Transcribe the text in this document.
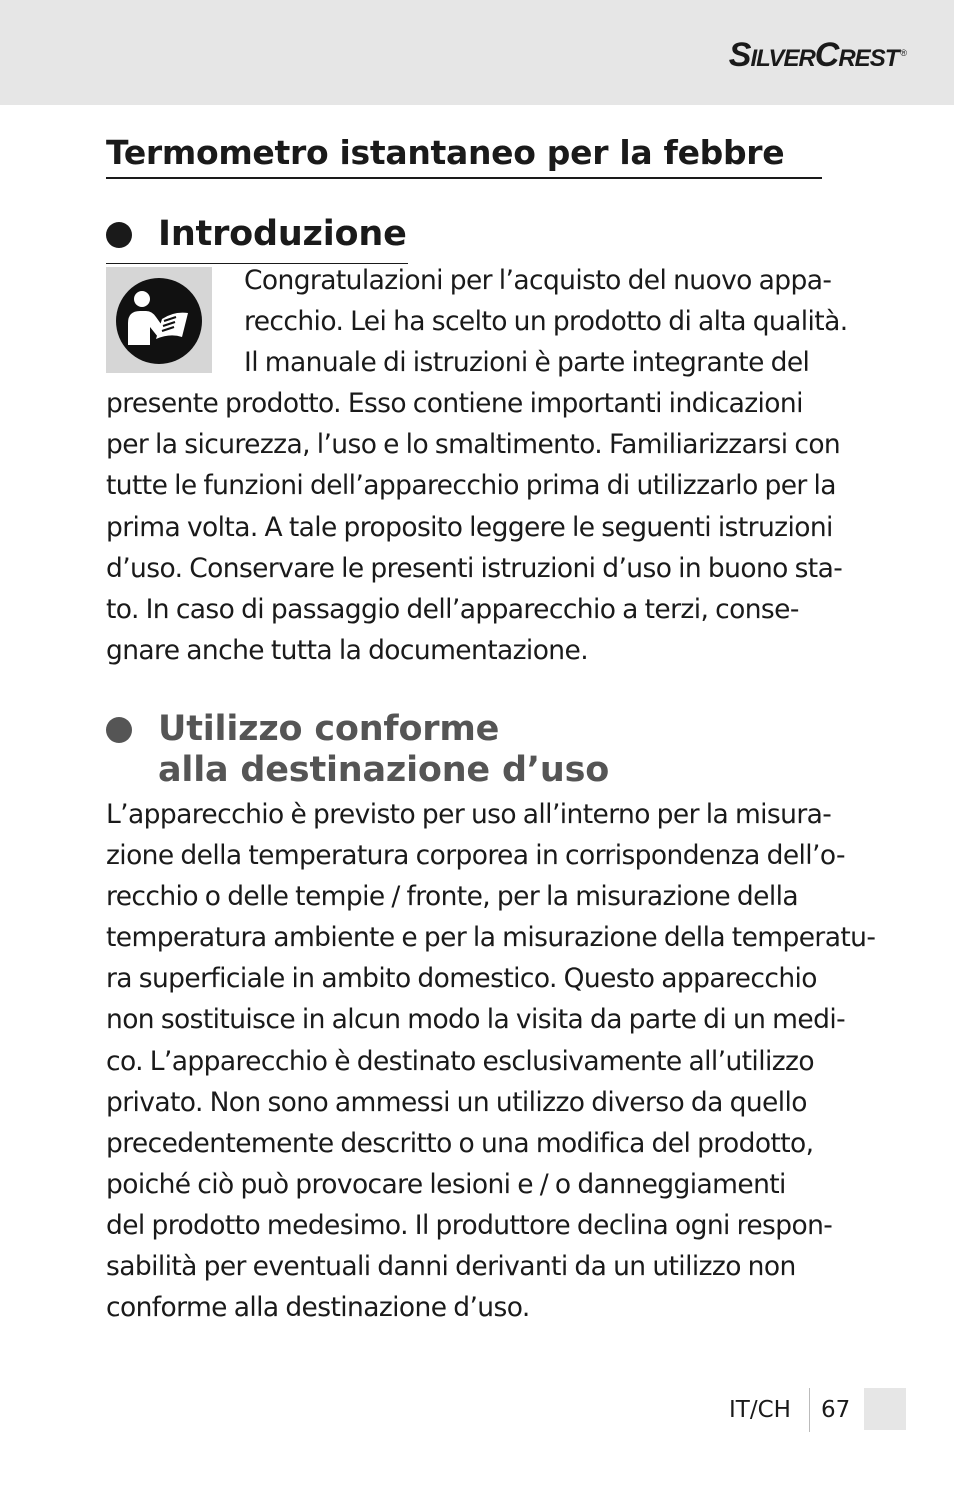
SilverCrest ®
Termometro istantaneo per la febbre
Introduzione
Congratulazioni per l’acquisto del nuovo appa-
recchio. Lei ha scelto un prodotto di alta qualità.
Il manuale di istruzioni è parte integrante del
presente prodotto. Esso contiene importanti indicazioni
per la sicurezza, l’uso e lo smaltimento. Familiarizzarsi con
tutte le funzioni dell’apparecchio prima di utilizzarlo per la
prima volta. A tale proposito leggere le seguenti istruzioni
d’uso. Conservare le presenti istruzioni d’uso in buono sta-
to. In caso di passaggio dell’apparecchio a terzi, conse-
gnare anche tutta la documentazione.
Utilizzo conforme
alla destinazione d’uso
L’apparecchio è previsto per uso all’interno per la misura-
zione della temperatura corporea in corrispondenza dell’o-
recchio o delle tempie / fronte, per la misurazione della
temperatura ambiente e per la misurazione della temperatu-
ra superficiale in ambito domestico. Questo apparecchio
non sostituisce in alcun modo la visita da parte di un medi-
co. L’apparecchio è destinato esclusivamente all’utilizzo
privato. Non sono ammessi un utilizzo diverso da quello
precedentemente descritto o una modifica del prodotto,
poiché ciò può provocare lesioni e / o danneggiamenti
del prodotto medesimo. Il produttore declina ogni respon-
sabilità per eventuali danni derivanti da un utilizzo non
conforme alla destinazione d’uso.
IT/CH 67
